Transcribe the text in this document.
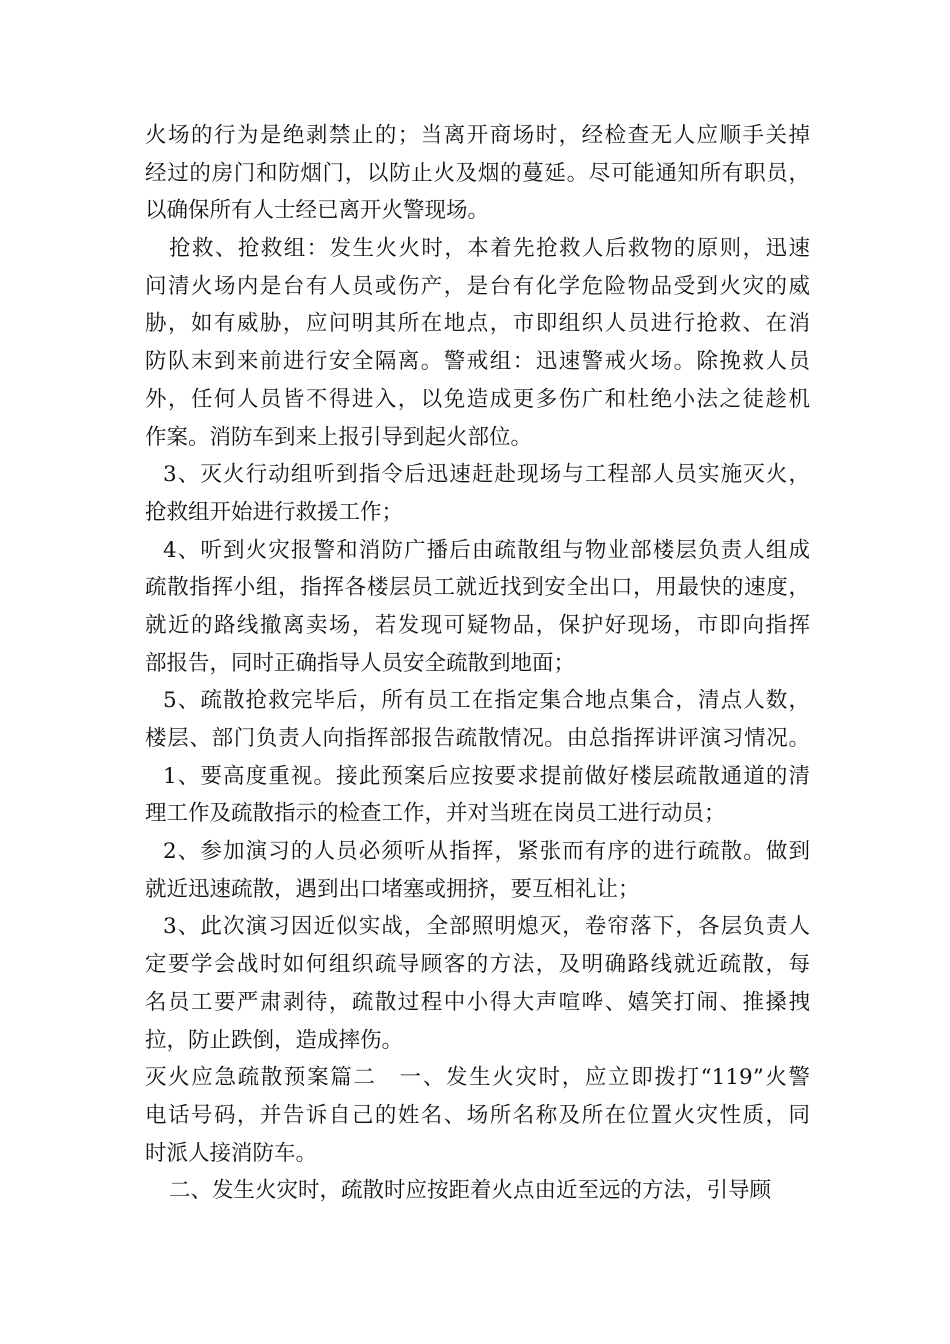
火场的行为是绝剥禁止的；当离开商场时，经检查无人应顺手关掉
经过的房门和防烟门，以防止火及烟的蔓延。尽可能通知所有职员，
以确保所有人士经已离开火警现场。
抢救、抢救组：发生火火时，本着先抢救人后救物的原则，迅速
问清火场内是台有人员或伤产，是台有化学危险物品受到火灾的威
胁，如有威胁，应问明其所在地点，市即组织人员进行抢救、在消
防队末到来前进行安全隔离。警戒组：迅速警戒火场。除挽救人员
外，任何人员皆不得进入，以免造成更多伤广和杜绝小法之徒趁机
作案。消防车到来上报引导到起火部位。
3、灭火行动组听到指令后迅速赶赴现场与工程部人员实施灭火，
抢救组开始进行救援工作；
4、听到火灾报警和消防广播后由疏散组与物业部楼层负责人组成
疏散指挥小组，指挥各楼层员工就近找到安全出口，用最快的速度，
就近的路线撤离卖场，若发现可疑物品，保护好现场，市即向指挥
部报告，同时正确指导人员安全疏散到地面；
5、疏散抢救完毕后，所有员工在指定集合地点集合，清点人数，
楼层、部门负责人向指挥部报告疏散情况。由总指挥讲评演习情况。
1、要高度重视。接此预案后应按要求提前做好楼层疏散通道的清
理工作及疏散指示的检查工作，并对当班在岗员工进行动员；
2、参加演习的人员必须听从指挥，紧张而有序的进行疏散。做到
就近迅速疏散，遇到出口堵塞或拥挤，要互相礼让；
3、此次演习因近似实战，全部照明熄灭，卷帘落下，各层负责人
定要学会战时如何组织疏导顾客的方法，及明确路线就近疏散，每
名员工要严肃剥待，疏散过程中小得大声喧哗、嬉笑打闹、推搡拽
拉，防止跌倒，造成摔伤。
灭火应急疏散预案篇二　一、发生火灾时，应立即拨打“119”火警
电话号码，并告诉自己的姓名、场所名称及所在位置火灾性质，同
时派人接消防车。
二、发生火灾时，疏散时应按距着火点由近至远的方法，引导顾
